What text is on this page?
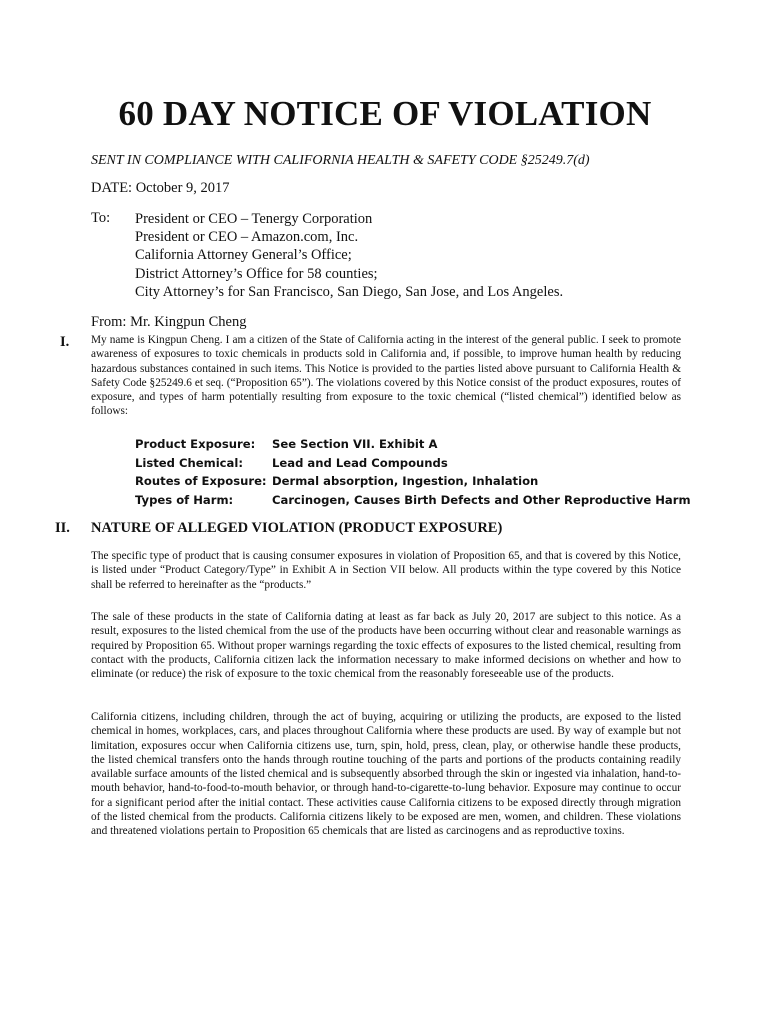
60 DAY NOTICE OF VIOLATION
SENT IN COMPLIANCE WITH CALIFORNIA HEALTH & SAFETY CODE §25249.7(d)
DATE: October 9, 2017
To: President or CEO – Tenergy Corporation
President or CEO – Amazon.com, Inc.
California Attorney General’s Office;
District Attorney’s Office for 58 counties;
City Attorney’s for San Francisco, San Diego, San Jose, and Los Angeles.
From: Mr. Kingpun Cheng
I. My name is Kingpun Cheng. I am a citizen of the State of California acting in the interest of the general public. I seek to promote awareness of exposures to toxic chemicals in products sold in California and, if possible, to improve human health by reducing hazardous substances contained in such items. This Notice is provided to the parties listed above pursuant to California Health & Safety Code §25249.6 et seq. (“Proposition 65”). The violations covered by this Notice consist of the product exposures, routes of exposure, and types of harm potentially resulting from exposure to the toxic chemical (“listed chemical”) identified below as follows:

Product Exposure:	See Section VII. Exhibit A
Listed Chemical:	Lead and Lead Compounds
Routes of Exposure: Dermal absorption, Ingestion, Inhalation
Types of Harm:	Carcinogen, Causes Birth Defects and Other Reproductive Harm
II. NATURE OF ALLEGED VIOLATION (PRODUCT EXPOSURE)

The specific type of product that is causing consumer exposures in violation of Proposition 65, and that is covered by this Notice, is listed under “Product Category/Type” in Exhibit A in Section VII below. All products within the type covered by this Notice shall be referred to hereinafter as the “products.”

The sale of these products in the state of California dating at least as far back as July 20, 2017 are subject to this notice. As a result, exposures to the listed chemical from the use of the products have been occurring without clear and reasonable warnings as required by Proposition 65. Without proper warnings regarding the toxic effects of exposures to the listed chemical, resulting from contact with the products, California citizen lack the information necessary to make informed decisions on whether and how to eliminate (or reduce) the risk of exposure to the toxic chemical from the reasonably foreseeable use of the products.

California citizens, including children, through the act of buying, acquiring or utilizing the products, are exposed to the listed chemical in homes, workplaces, cars, and places throughout California where these products are used. By way of example but not limitation, exposures occur when California citizens use, turn, spin, hold, press, clean, play, or otherwise handle these products, the listed chemical transfers onto the hands through routine touching of the parts and portions of the products containing readily available surface amounts of the listed chemical and is subsequently absorbed through the skin or ingested via inhalation, hand-to-mouth behavior, hand-to-food-to-mouth behavior, or through hand-to-cigarette-to-lung behavior. Exposure may continue to occur for a significant period after the initial contact. These activities cause California citizens to be exposed directly through migration of the listed chemical from the products. California citizens likely to be exposed are men, women, and children. These violations and threatened violations pertain to Proposition 65 chemicals that are listed as carcinogens and as reproductive toxins.
